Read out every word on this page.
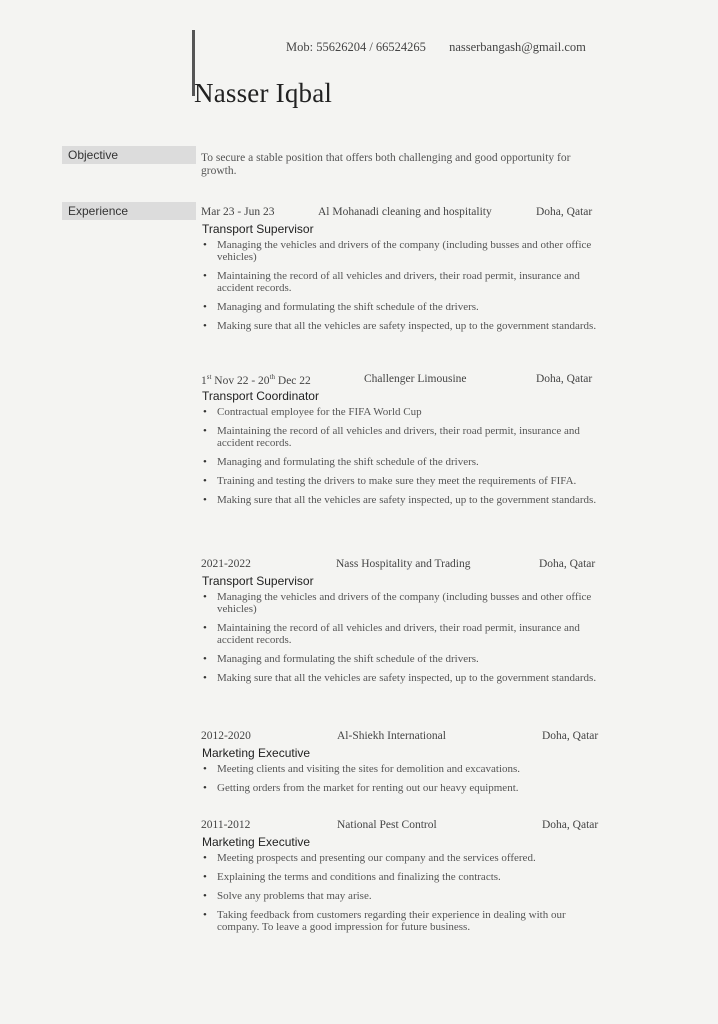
Mob: 55626204 / 66524265 nasserbangash@gmail.com
Nasser Iqbal
Objective	To secure a stable position that offers both challenging and good opportunity for growth.
Experience	Mar 23 - Jun 23	Al Mohanadi cleaning and hospitality	Doha, Qatar
Transport Supervisor
• Managing the vehicles and drivers of the company (including busses and other office vehicles)
• Maintaining the record of all vehicles and drivers, their road permit, insurance and accident records.
• Managing and formulating the shift schedule of the drivers.
• Making sure that all the vehicles are safety inspected, up to the government standards.
1st Nov 22 - 20th Dec 22	Challenger Limousine	Doha, Qatar
Transport Coordinator
• Contractual employee for the FIFA World Cup
• Maintaining the record of all vehicles and drivers, their road permit, insurance and accident records.
• Managing and formulating the shift schedule of the drivers.
• Training and testing the drivers to make sure they meet the requirements of FIFA.
• Making sure that all the vehicles are safety inspected, up to the government standards.
2021-2022	Nass Hospitality and Trading	Doha, Qatar
Transport Supervisor
• Managing the vehicles and drivers of the company (including busses and other office vehicles)
• Maintaining the record of all vehicles and drivers, their road permit, insurance and accident records.
• Managing and formulating the shift schedule of the drivers.
• Making sure that all the vehicles are safety inspected, up to the government standards.
2012-2020	Al-Shiekh International	Doha, Qatar
Marketing Executive
• Meeting clients and visiting the sites for demolition and excavations.
• Getting orders from the market for renting out our heavy equipment.
2011-2012	National Pest Control	Doha, Qatar
Marketing Executive
• Meeting prospects and presenting our company and the services offered.
• Explaining the terms and conditions and finalizing the contracts.
• Solve any problems that may arise.
• Taking feedback from customers regarding their experience in dealing with our company. To leave a good impression for future business.
